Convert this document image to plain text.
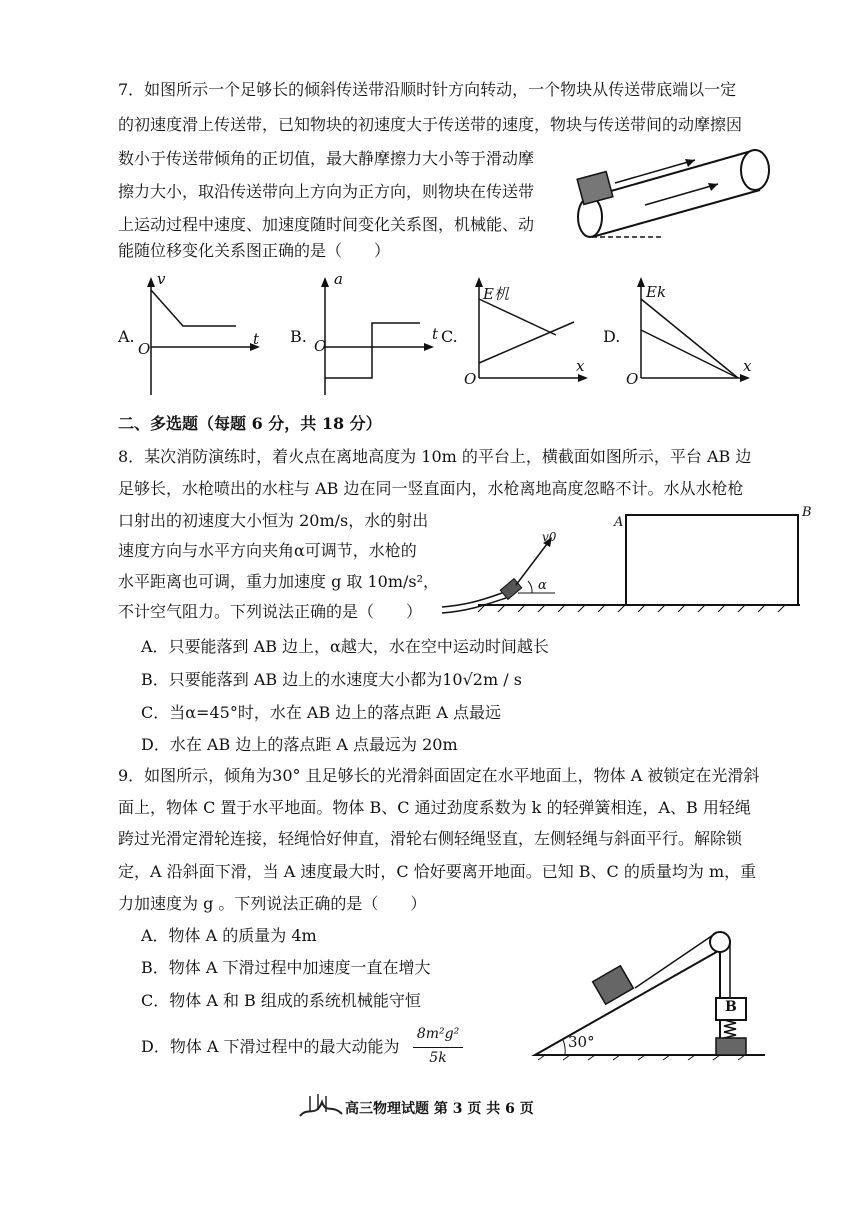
7．如图所示一个足够长的倾斜传送带沿顺时针方向转动，一个物块从传送带底端以一定
的初速度滑上传送带，已知物块的初速度大于传送带的速度，物块与传送带间的动摩擦因
数小于传送带倾角的正切值，最大静摩擦力大小等于滑动摩
擦力大小，取沿传送带向上方向为正方向，则物块在传送带
上运动过程中速度、加速度随时间变化关系图，机械能、动
能随位移变化关系图正确的是（　　）
A.
v
t
O
B.
a
t
O	C.
E机
x
O
D.
Ek
x
O
二、多选题（每题 6 分，共 18 分）
8．某次消防演练时，着火点在离地高度为 10m 的平台上，横截面如图所示，平台 AB 边
足够长，水枪喷出的水柱与 AB 边在同一竖直面内，水枪离地高度忽略不计。水从水枪枪
口射出的初速度大小恒为 20m/s，水的射出
速度方向与水平方向夹角α可调节，水枪的
水平距离也可调，重力加速度 g 取 10m/s²，
不计空气阻力。下列说法正确的是（　　）
A
B
v0
α
A．只要能落到 AB 边上，α越大，水在空中运动时间越长
B．只要能落到 AB 边上的水速度大小都为10√2m / s
C．当α=45°时，水在 AB 边上的落点距 A 点最远
D．水在 AB 边上的落点距 A 点最远为 20m
9．如图所示，倾角为30° 且足够长的光滑斜面固定在水平地面上，物体 A 被锁定在光滑斜
面上，物体 C 置于水平地面。物体 B、C 通过劲度系数为 k 的轻弹簧相连，A、B 用轻绳
跨过光滑定滑轮连接，轻绳恰好伸直，滑轮右侧轻绳竖直，左侧轻绳与斜面平行。解除锁
定，A 沿斜面下滑，当 A 速度最大时，C 恰好要离开地面。已知 B、C 的质量均为 m，重
力加速度为 g 。下列说法正确的是（　　）
A．物体 A 的质量为 4m
B．物体 A 下滑过程中加速度一直在增大
C．物体 A 和 B 组成的系统机械能守恒
D．物体 A 下滑过程中的最大动能为
8m²g²
5k
30°
B
高三物理试题 第 3 页 共 6 页
